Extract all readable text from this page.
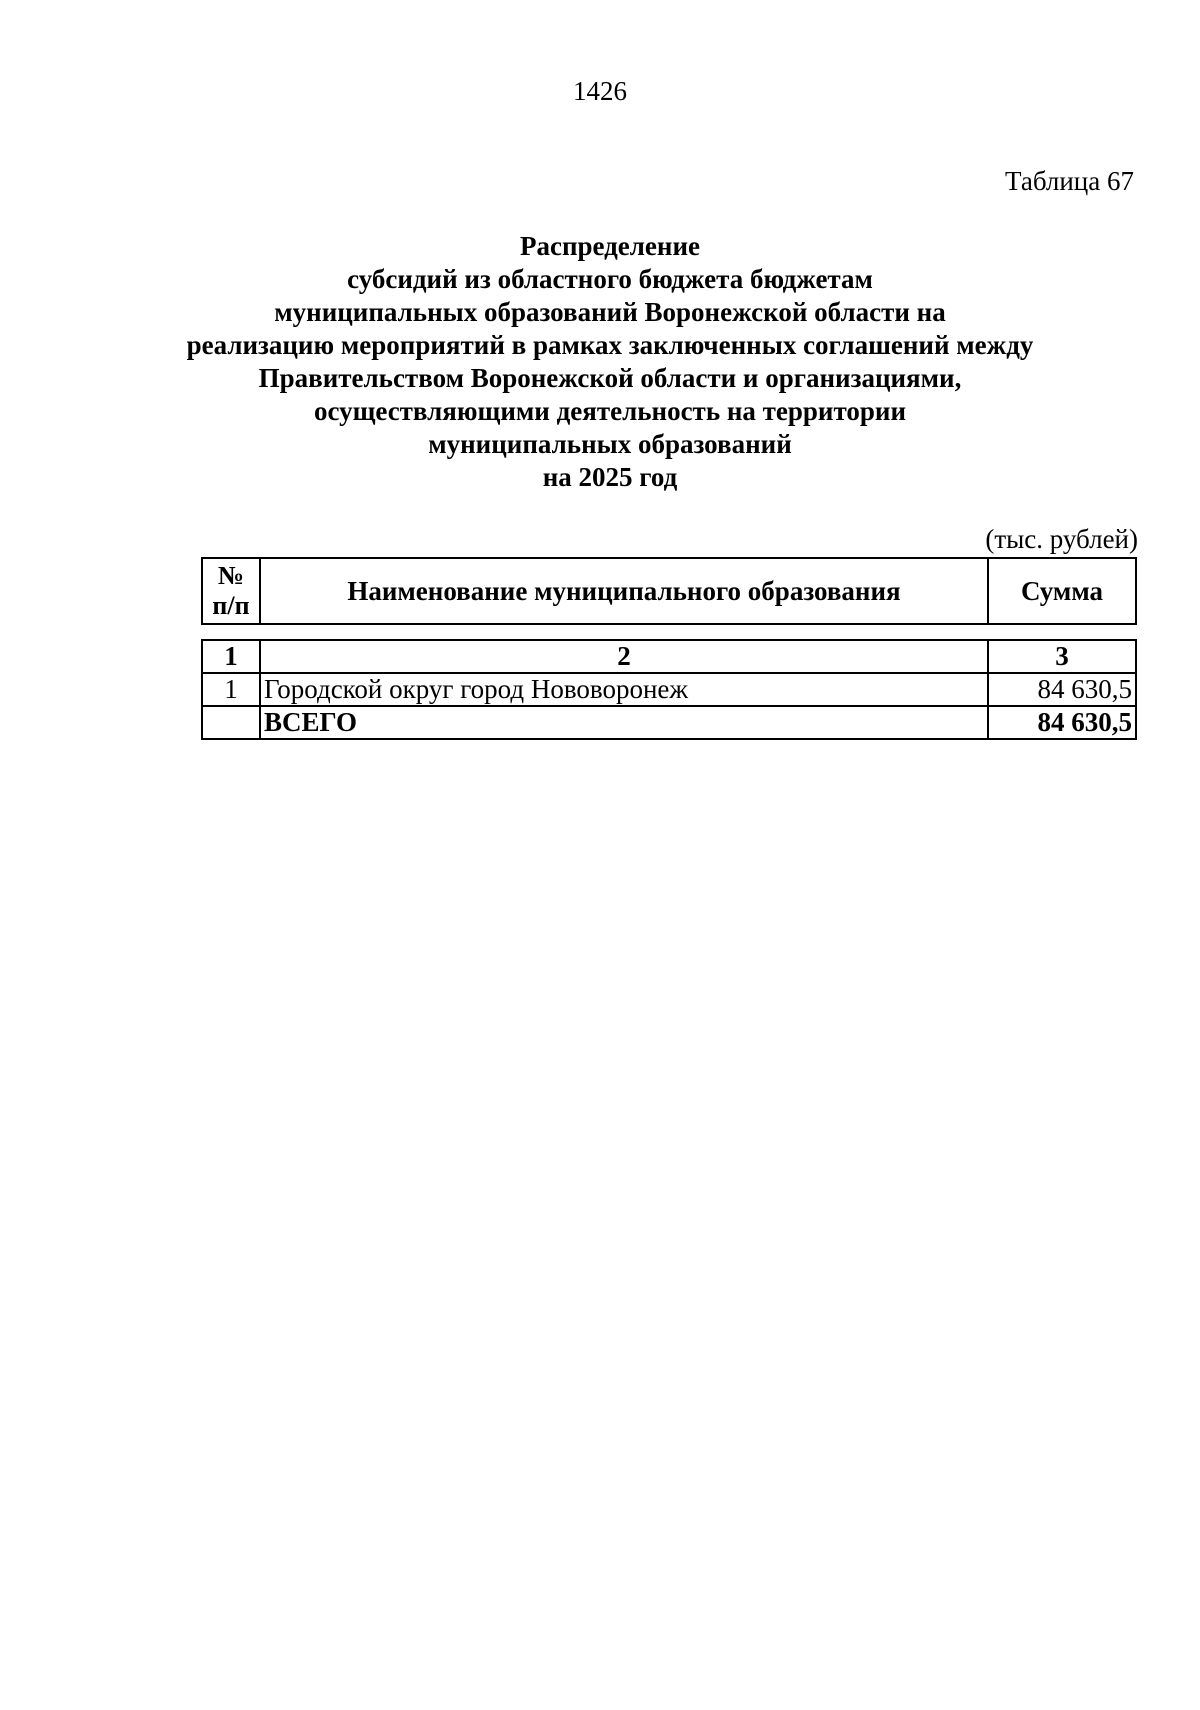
1426
Таблица 67
Распределение
субсидий из областного бюджета бюджетам
муниципальных образований Воронежской области на
реализацию мероприятий в рамках заключенных соглашений между
Правительством Воронежской области и организациями,
осуществляющими деятельность на территории
муниципальных образований
на 2025 год
(тыс. рублей)
№
п/п	Наименование муниципального образования	Сумма
1	2	3
1	Городской округ город Нововоронеж	84 630,5
	ВСЕГО	84 630,5
